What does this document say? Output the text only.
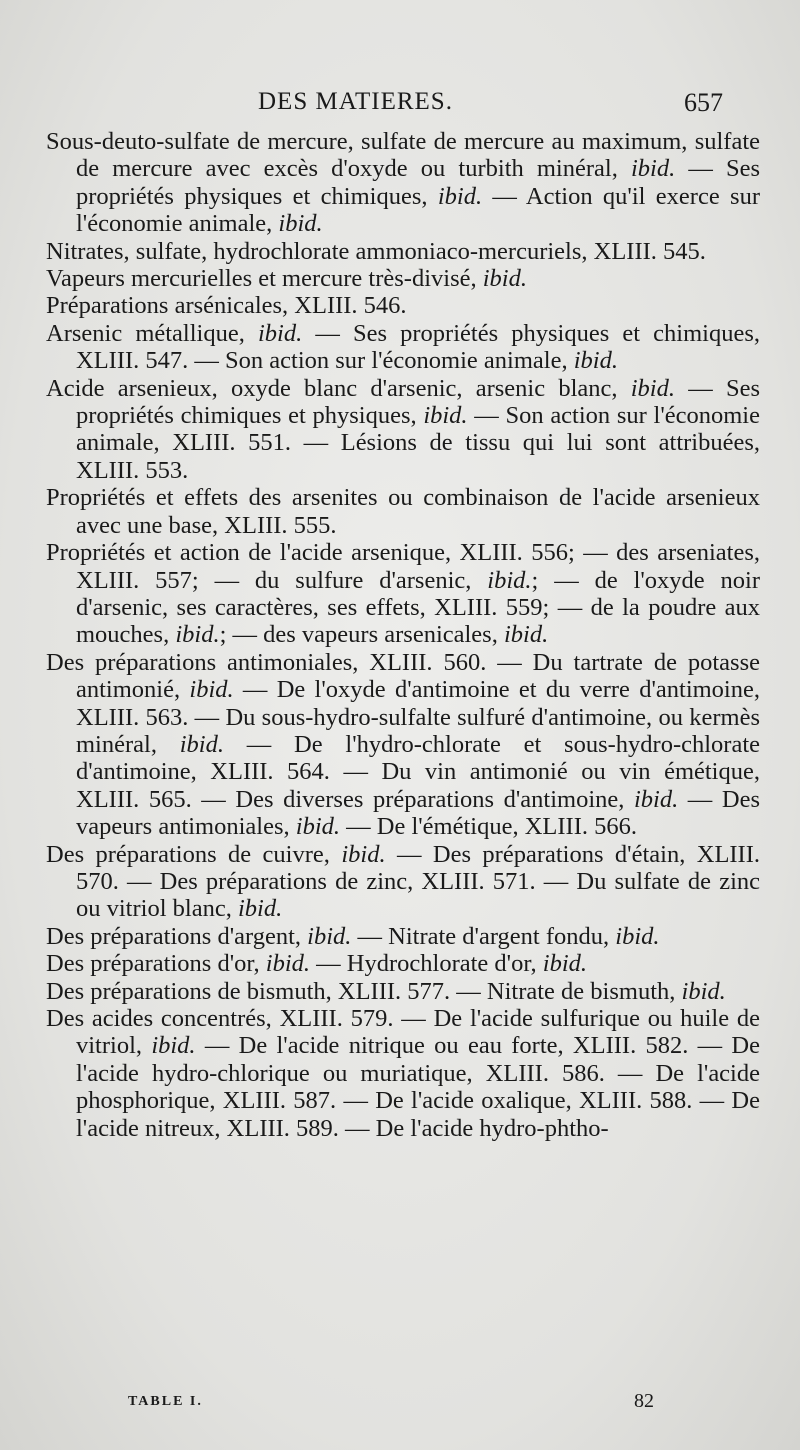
DES MATIERES.	657

Sous-deuto-sulfate de mercure, sulfate de mercure au maximum, sulfate de mercure avec excès d'oxyde ou turbith minéral, ibid. — Ses propriétés physiques et chimiques, ibid. — Action qu'il exerce sur l'économie animale, ibid.

Nitrates, sulfate, hydrochlorate ammoniaco-mercuriels, XLIII. 545.

Vapeurs mercurielles et mercure très-divisé, ibid.

Préparations arsénicales, XLIII. 546.

Arsenic métallique, ibid. — Ses propriétés physiques et chimiques, XLIII. 547. — Son action sur l'économie animale, ibid.

Acide arsenieux, oxyde blanc d'arsenic, arsenic blanc, ibid. — Ses propriétés chimiques et physiques, ibid. — Son action sur l'économie animale, XLIII. 551. — Lésions de tissu qui lui sont attribuées, XLIII. 553.

Propriétés et effets des arsenites ou combinaison de l'acide arsenieux avec une base, XLIII. 555.

Propriétés et action de l'acide arsenique, XLIII. 556; — des arseniates, XLIII. 557; — du sulfure d'arsenic, ibid.; — de l'oxyde noir d'arsenic, ses caractères, ses effets, XLIII. 559; — de la poudre aux mouches, ibid.; — des vapeurs arsenicales, ibid.

Des préparations antimoniales, XLIII. 560. — Du tartrate de potasse antimonié, ibid. — De l'oxyde d'antimoine et du verre d'antimoine, XLIII. 563. — Du sous-hydro-sulfalte sulfuré d'antimoine, ou kermès minéral, ibid. — De l'hydro-chlorate et sous-hydro-chlorate d'antimoine, XLIII. 564. — Du vin antimonié ou vin émétique, XLIII. 565. — Des diverses préparations d'antimoine, ibid. — Des vapeurs antimoniales, ibid. — De l'émétique, XLIII. 566.

Des préparations de cuivre, ibid. — Des préparations d'étain, XLIII. 570. — Des préparations de zinc, XLIII. 571. — Du sulfate de zinc ou vitriol blanc, ibid.

Des préparations d'argent, ibid. — Nitrate d'argent fondu, ibid.

Des préparations d'or, ibid. — Hydrochlorate d'or, ibid.

Des préparations de bismuth, XLIII. 577. — Nitrate de bismuth, ibid.

Des acides concentrés, XLIII. 579. — De l'acide sulfurique ou huile de vitriol, ibid. — De l'acide nitrique ou eau forte, XLIII. 582. — De l'acide hydro-chlorique ou muriatique, XLIII. 586. — De l'acide phosphorique, XLIII. 587. — De l'acide oxalique, XLIII. 588. — De l'acide nitreux, XLIII. 589. — De l'acide hydro-phtho-

TABLE I.	82
